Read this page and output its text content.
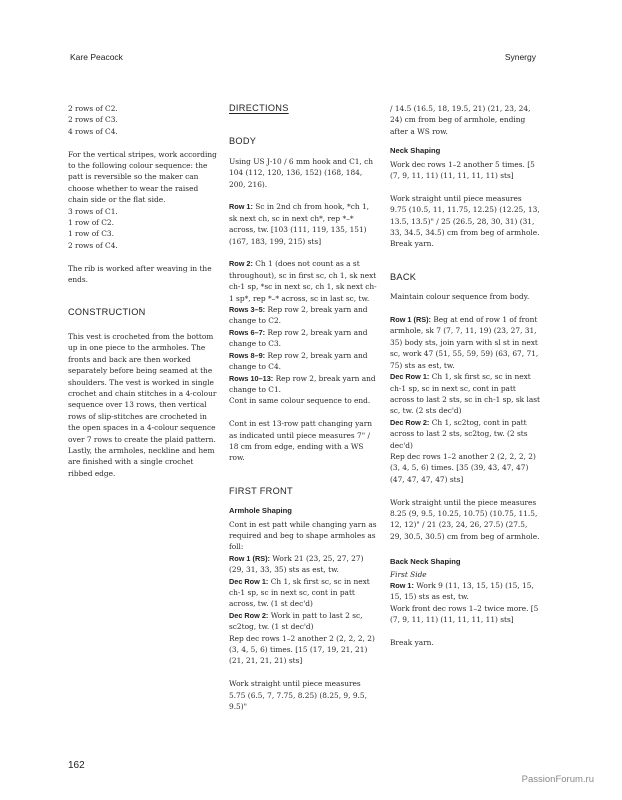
Kare Peacock	Synergy

2 rows of C2.

2 rows of C3.

4 rows of C4.

For the vertical stripes, work according to the following colour sequence: the patt is reversible so the maker can choose whether to wear the raised chain side or the flat side.

3 rows of C1.

1 row of C2.

1 row of C3.

2 rows of C4.

The rib is worked after weaving in the ends.

CONSTRUCTION

This vest is crocheted from the bottom up in one piece to the armholes. The fronts and back are then worked separately before being seamed at the shoulders. The vest is worked in single crochet and chain stitches in a 4-colour sequence over 13 rows, then vertical rows of slip-stitches are crocheted in the open spaces in a 4-colour sequence over 7 rows to create the plaid pattern. Lastly, the armholes, neckline and hem are finished with a single crochet ribbed edge.

DIRECTIONS

BODY

Using US J-10 / 6 mm hook and C1, ch 104 (112, 120, 136, 152) (168, 184, 200, 216).

Row 1: Sc in 2nd ch from hook, *ch 1, sk next ch, sc in next ch*, rep *–* across, tw. [103 (111, 119, 135, 151) (167, 183, 199, 215) sts]

Row 2: Ch 1 (does not count as a st throughout), sc in first sc, ch 1, sk next ch-1 sp, *sc in next sc, ch 1, sk next ch-1 sp*, rep *–* across, sc in last sc, tw.

Rows 3–5: Rep row 2, break yarn and change to C2.

Rows 6–7: Rep row 2, break yarn and change to C3.

Rows 8–9: Rep row 2, break yarn and change to C4.

Rows 10–13: Rep row 2, break yarn and change to C1.

Cont in same colour sequence to end.

Cont in est 13-row patt changing yarn as indicated until piece measures 7" / 18 cm from edge, ending with a WS row.

FIRST FRONT

Armhole Shaping

Cont in est patt while changing yarn as required and beg to shape armholes as foll:

Row 1 (RS): Work 21 (23, 25, 27, 27) (29, 31, 33, 35) sts as est, tw.

Dec Row 1: Ch 1, sk first sc, sc in next ch-1 sp, sc in next sc, cont in patt across, tw. (1 st dec'd)

Dec Row 2: Work in patt to last 2 sc, sc2tog, tw. (1 st dec'd)

Rep dec rows 1–2 another 2 (2, 2, 2, 2) (3, 4, 5, 6) times. [15 (17, 19, 21, 21) (21, 21, 21, 21) sts]

Work straight until piece measures 5.75 (6.5, 7, 7.75, 8.25) (8.25, 9, 9.5, 9.5)"

/ 14.5 (16.5, 18, 19.5, 21) (21, 23, 24, 24) cm from beg of armhole, ending after a WS row.

Neck Shaping

Work dec rows 1–2 another 5 times. [5 (7, 9, 11, 11) (11, 11, 11, 11) sts]

Work straight until piece measures 9.75 (10.5, 11, 11.75, 12.25) (12.25, 13, 13.5, 13.5)" / 25 (26.5, 28, 30, 31) (31, 33, 34.5, 34.5) cm from beg of armhole. Break yarn.

BACK

Maintain colour sequence from body.

Row 1 (RS): Beg at end of row 1 of front armhole, sk 7 (7, 7, 11, 19) (23, 27, 31, 35) body sts, join yarn with sl st in next sc, work 47 (51, 55, 59, 59) (63, 67, 71, 75) sts as est, tw.

Dec Row 1: Ch 1, sk first sc, sc in next ch-1 sp, sc in next sc, cont in patt across to last 2 sts, sc in ch-1 sp, sk last sc, tw. (2 sts dec'd)

Dec Row 2: Ch 1, sc2tog, cont in patt across to last 2 sts, sc2tog, tw. (2 sts dec'd)

Rep dec rows 1–2 another 2 (2, 2, 2, 2) (3, 4, 5, 6) times. [35 (39, 43, 47, 47) (47, 47, 47, 47) sts]

Work straight until the piece measures 8.25 (9, 9.5, 10.25, 10.75) (10.75, 11.5, 12, 12)" / 21 (23, 24, 26, 27.5) (27.5, 29, 30.5, 30.5) cm from beg of armhole.

Back Neck Shaping

First Side

Row 1: Work 9 (11, 13, 15, 15) (15, 15, 15, 15) sts as est, tw.

Work front dec rows 1–2 twice more. [5 (7, 9, 11, 11) (11, 11, 11, 11) sts]

Break yarn.

162
PassionForum.ru
